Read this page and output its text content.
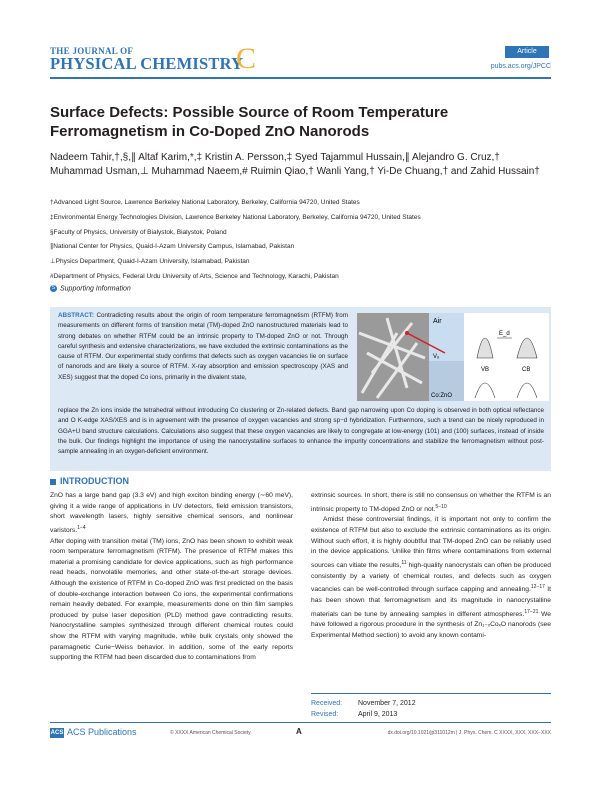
THE JOURNAL OF
PHYSICAL CHEMISTRY
C	Article
pubs.acs.org/JPCC
Surface Defects: Possible Source of Room Temperature Ferromagnetism in Co-Doped ZnO Nanorods
Nadeem Tahir,†,§,∥ Altaf Karim,*,‡ Kristin A. Persson,‡ Syed Tajammul Hussain,∥ Alejandro G. Cruz,† Muhammad Usman,⊥ Muhammad Naeem,# Ruimin Qiao,† Wanli Yang,† Yi-De Chuang,† and Zahid Hussain†
†Advanced Light Source, Lawrence Berkeley National Laboratory, Berkeley, California 94720, United States
‡Environmental Energy Technologies Division, Lawrence Berkeley National Laboratory, Berkeley, California 94720, United States
§Faculty of Physics, University of Bialystok, Bialystok, Poland
∥National Center for Physics, Quaid-I-Azam University Campus, Islamabad, Pakistan
⊥Physics Department, Quaid-I-Azam University, Islamabad, Pakistan
#Department of Physics, Federal Urdu University of Arts, Science and Technology, Karachi, Pakistan
S Supporting Information
ABSTRACT: Contradicting results about the origin of room temperature ferromagnetism (RTFM) from measurements on different forms of transition metal (TM)-doped ZnO nanostructured materials lead to strong debates on whether RTFM could be an intrinsic property to TM-doped ZnO or not. Through careful synthesis and extensive characterizations, we have excluded the extrinsic contaminations as the cause of RTFM. Our experimental study confirms that defects such as oxygen vacancies lie on surface of nanorods and are likely a source of RTFM. X-ray absorption and emission spectroscopy (XAS and XES) suggest that the doped Co ions, primarily in the divalent state,
replace the Zn ions inside the tetrahedral without introducing Co clustering or Zn-related defects. Band gap narrowing upon Co doping is observed in both optical reflectance and O K-edge XAS/XES and is in agreement with the presence of oxygen vacancies and strong sp−d hybridization. Furthermore, such a trend can be nicely reproduced in GGA+U band structure calculations. Calculations also suggest that these oxygen vacancies are likely to congregate at low-energy (101) and (100) surfaces, instead of inside the bulk. Our findings highlight the importance of using the nanocrystalline surfaces to enhance the impurity concentrations and stabilize the ferromagnetism without post-sample annealing in an oxygen-deficient environment.
Air
Vₒ
Co:ZnO
E_d
VB	CB
INTRODUCTION

ZnO has a large band gap (3.3 eV) and high exciton binding energy (∼60 meV), giving it a wide range of applications in UV detectors, field emission transistors, short wavelength lasers, highly sensitive chemical sensors, and nonlinear varistors.$^{1-4}$

After doping with transition metal (TM) ions, ZnO has been shown to exhibit weak room temperature ferromagnetism (RTFM). The presence of RTFM makes this material a promising candidate for device applications, such as high performance read heads, nonvolatile memories, and other state-of-the-art storage devices. Although the existence of RTFM in Co-doped ZnO was first predicted on the basis of double-exchange interaction between Co ions, the experimental confirmations remain heavily debated. For example, measurements done on thin film samples produced by pulse laser deposition (PLD) method gave contradicting results. Nanocrystalline samples synthesized through different chemical routes could show the RTFM with varying magnitude, while bulk crystals only showed the paramagnetic Curie−Weiss behavior. In addition, some of the early reports supporting the RTFM had been discarded due to contaminations from

extrinsic sources. In short, there is still no consensus on whether the RTFM is an intrinsic property to TM-doped ZnO or not.$^{5-10}$

Amidst these controversial findings, it is important not only to confirm the existence of RTFM but also to exclude the extrinsic contaminations as its origin. Without such effort, it is highly doubtful that TM-doped ZnO can be reliably used in the device applications. Unlike thin films where contaminations from external sources can vitiate the results,$^{11}$ high-quality nanocrystals can often be produced consistently by a variety of chemical routes, and defects such as oxygen vacancies can be well-controlled through surface capping and annealing.$^{12-17}$ It has been shown that ferromagnetism and its magnitude in nanocrystalline materials can be tune by annealing samples in different atmospheres.$^{17-21}$ We have followed a rigorous procedure in the synthesis of Zn₁₋ₓCoₓO nanorods (see Experimental Method section) to avoid any known contami-

Received: November 7, 2012
Revised:	April 9, 2013
ACS ACS Publications	© XXXX American Chemical Society	A	dx.doi.org/10.1021/jp311012m | J. Phys. Chem. C XXXX, XXX, XXX−XXX
